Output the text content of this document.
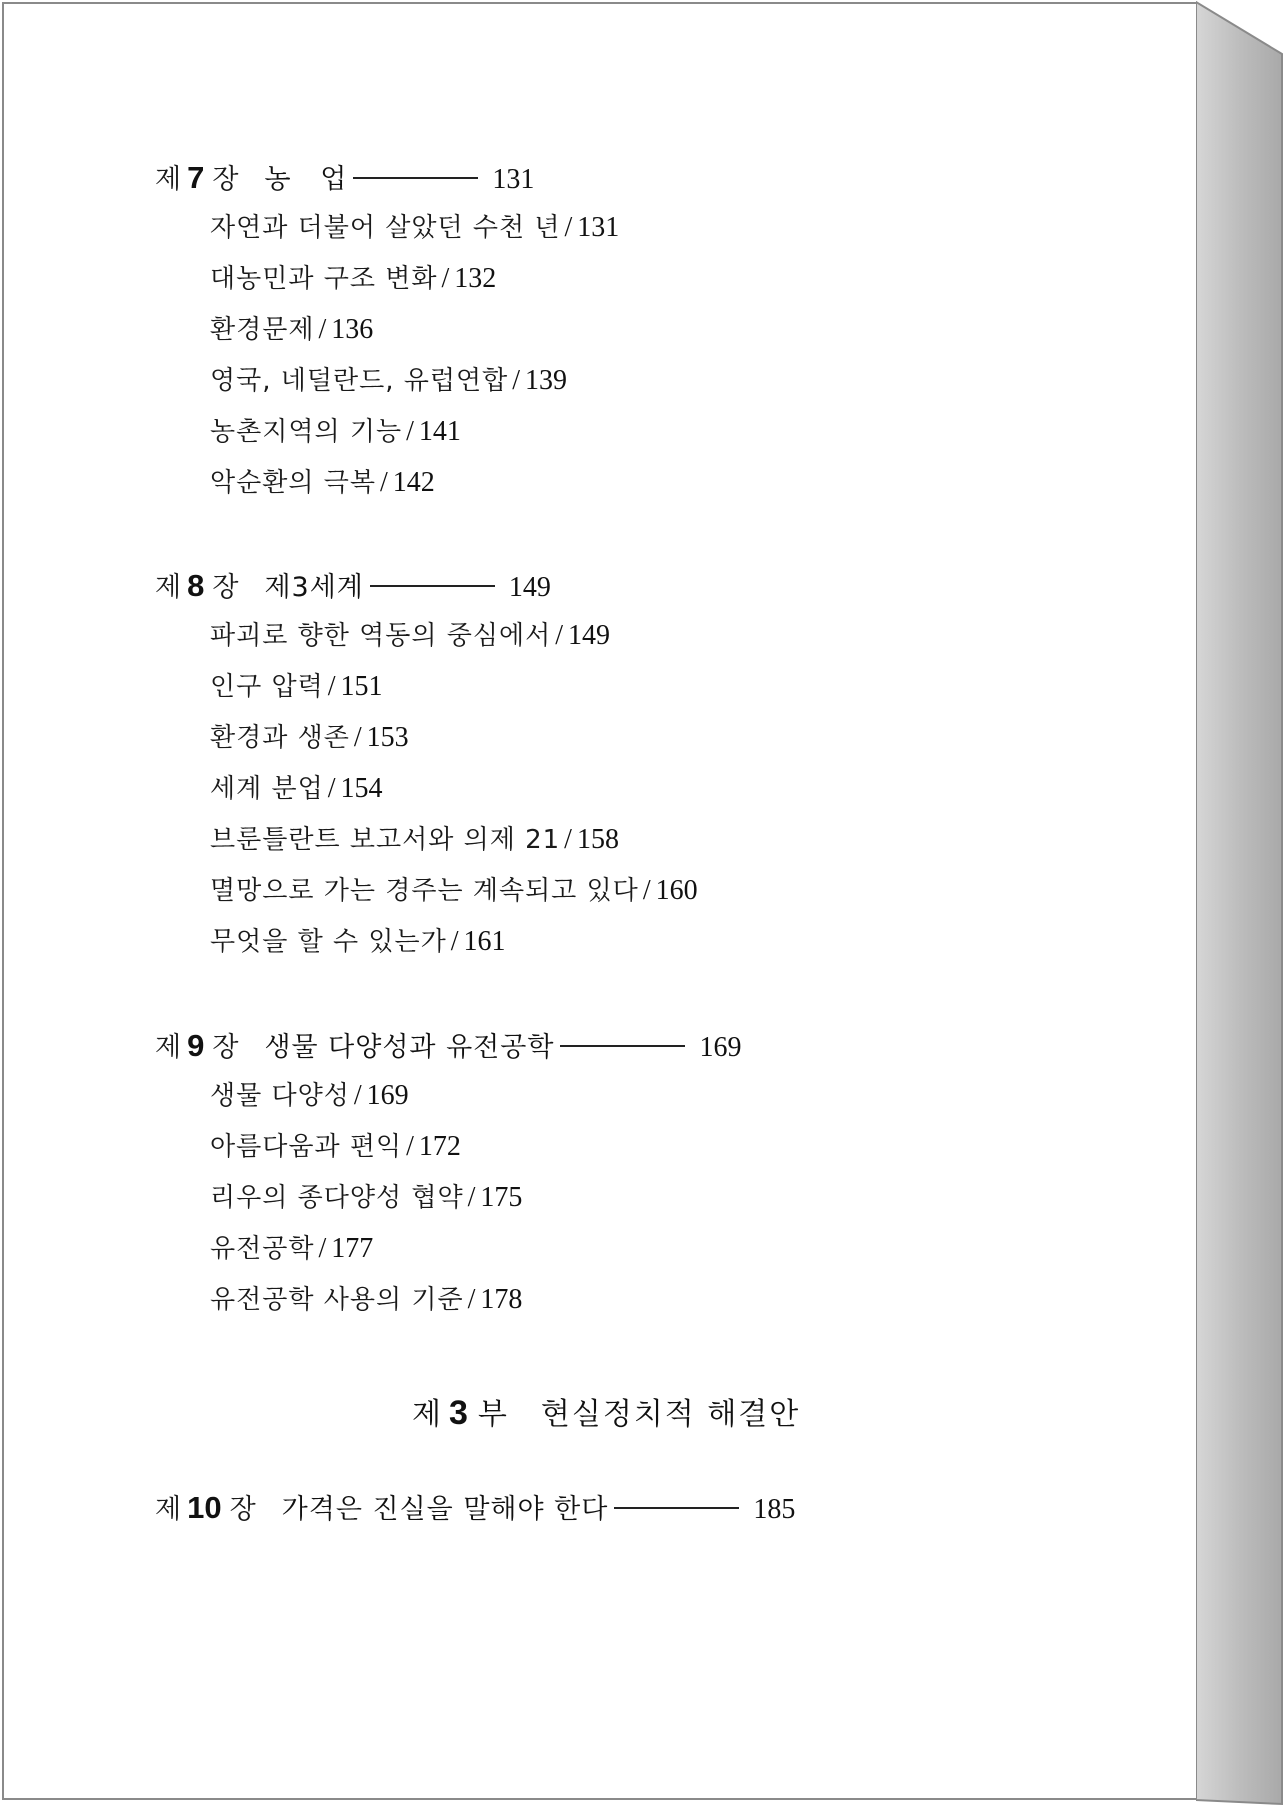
제 7 장 농   업	131
자연과 더불어 살았던 수천 년 / 131
대농민과 구조 변화 / 132
환경문제 / 136
영국, 네덜란드, 유럽연합 / 139
농촌지역의 기능 / 141
악순환의 극복 / 142
제 8 장 제3세계	149
파괴로 향한 역동의 중심에서 / 149
인구 압력 / 151
환경과 생존 / 153
세계 분업 / 154
브룬틀란트 보고서와 의제 21 / 158
멸망으로 가는 경주는 계속되고 있다 / 160
무엇을 할 수 있는가 / 161
제 9 장 생물 다양성과 유전공학	169
생물 다양성 / 169
아름다움과 편익 / 172
리우의 종다양성 협약 / 175
유전공학 / 177
유전공학 사용의 기준 / 178
제 3 부 현실정치적 해결안
제 10 장 가격은 진실을 말해야 한다	185
